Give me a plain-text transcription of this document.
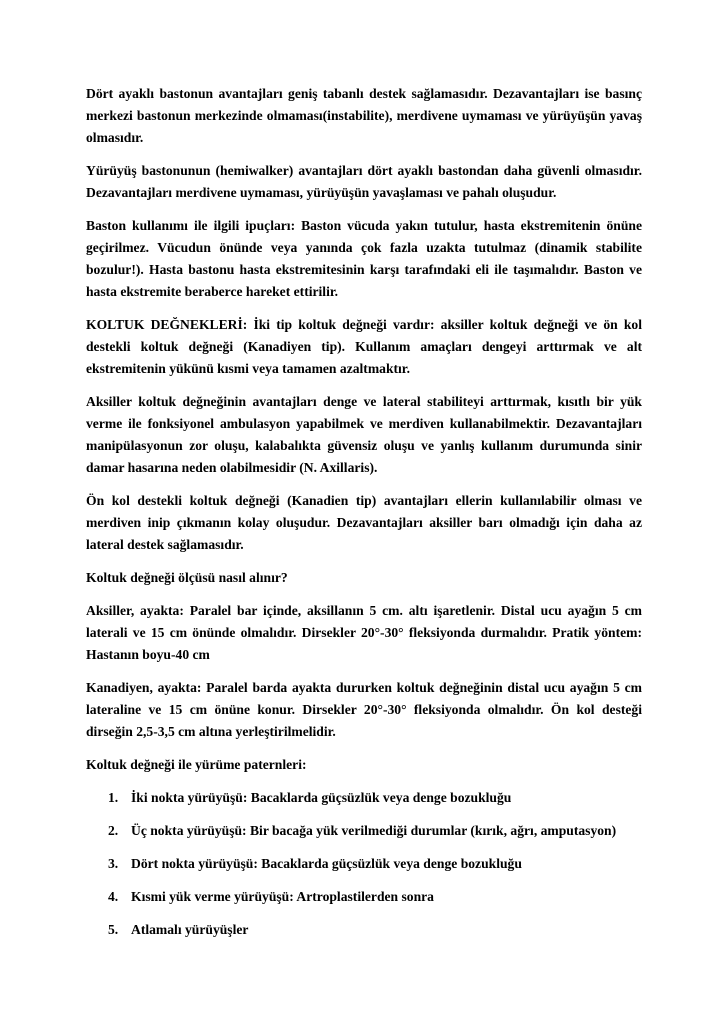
Dört ayaklı bastonun avantajları geniş tabanlı destek sağlamasıdır. Dezavantajları ise basınç merkezi bastonun merkezinde olmaması(instabilite), merdivene uymaması ve yürüyüşün yavaş olmasıdır.

Yürüyüş bastonunun (hemiwalker) avantajları dört ayaklı bastondan daha güvenli olmasıdır. Dezavantajları merdivene uymaması, yürüyüşün yavaşlaması ve pahalı oluşudur.

Baston kullanımı ile ilgili ipuçları: Baston vücuda yakın tutulur, hasta ekstremitenin önüne geçirilmez. Vücudun önünde veya yanında çok fazla uzakta tutulmaz (dinamik stabilite bozulur!). Hasta bastonu hasta ekstremitesinin karşı tarafındaki eli ile taşımalıdır. Baston ve hasta ekstremite beraberce hareket ettirilir.

KOLTUK DEĞNEKLERİ: İki tip koltuk değneği vardır: aksiller koltuk değneği ve ön kol destekli koltuk değneği (Kanadiyen tip). Kullanım amaçları dengeyi arttırmak ve alt ekstremitenin yükünü kısmi veya tamamen azaltmaktır.

Aksiller koltuk değneğinin avantajları denge ve lateral stabiliteyi arttırmak, kısıtlı bir yük verme ile fonksiyonel ambulasyon yapabilmek ve merdiven kullanabilmektir. Dezavantajları manipülasyonun zor oluşu, kalabalıkta güvensiz oluşu ve yanlış kullanım durumunda sinir damar hasarına neden olabilmesidir (N. Axillaris).

Ön kol destekli koltuk değneği (Kanadien tip) avantajları ellerin kullanılabilir olması ve merdiven inip çıkmanın kolay oluşudur. Dezavantajları aksiller barı olmadığı için daha az lateral destek sağlamasıdır.

Koltuk değneği ölçüsü nasıl alınır?

Aksiller, ayakta: Paralel bar içinde, aksillanın 5 cm. altı işaretlenir. Distal ucu ayağın 5 cm laterali ve 15 cm önünde olmalıdır. Dirsekler 20°-30° fleksiyonda durmalıdır. Pratik yöntem: Hastanın boyu-40 cm

Kanadiyen, ayakta: Paralel barda ayakta dururken koltuk değneğinin distal ucu ayağın 5 cm lateraline ve 15 cm önüne konur. Dirsekler 20°-30° fleksiyonda olmalıdır. Ön kol desteği dirseğin 2,5-3,5 cm altına yerleştirilmelidir.

Koltuk değneği ile yürüme paternleri:

1. İki nokta yürüyüşü: Bacaklarda güçsüzlük veya denge bozukluğu
2. Üç nokta yürüyüşü: Bir bacağa yük verilmediği durumlar (kırık, ağrı, amputasyon)
3. Dört nokta yürüyüşü: Bacaklarda güçsüzlük veya denge bozukluğu
4. Kısmi yük verme yürüyüşü: Artroplastilerden sonra
5. Atlamalı yürüyüşler
